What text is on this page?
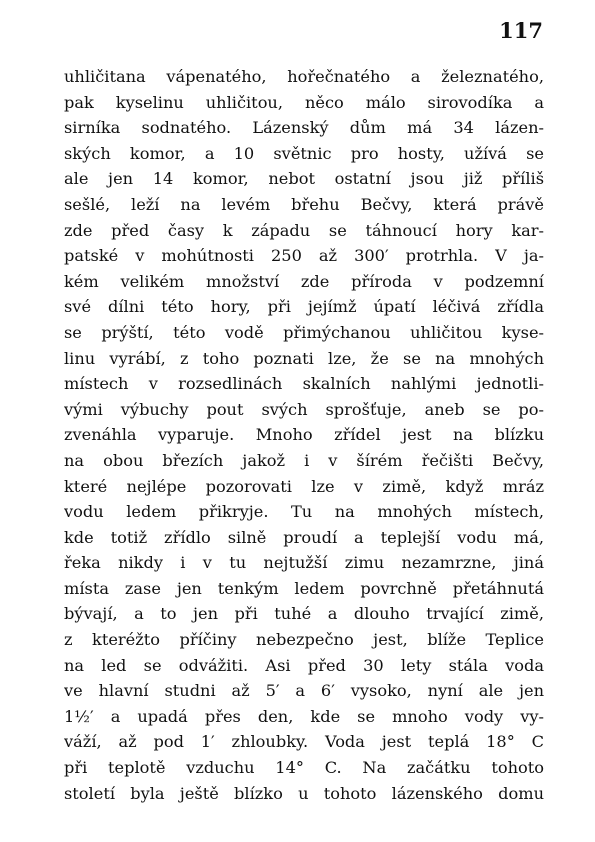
117
uhličitana vápenatého, hořečnatého a železnatého,
pak kyselinu uhličitou, něco málo sirovodíka a
sirníka sodnatého. Lázenský dům má 34 lázen-
ských komor, a 10 světnic pro hosty, užívá se
ale jen 14 komor, nebot ostatní jsou již příliš
sešlé, leží na levém břehu Bečvy, která právě
zde před časy k západu se táhnoucí hory kar-
patské v mohútnosti 250 až 300′ protrhla. V ja-
kém velikém množství zde příroda v podzemní
své dílni této hory, při jejímž úpatí léčivá zřídla
se prýští, této vodě přimýchanou uhličitou kyse-
linu vyrábí, z toho poznati lze, že se na mnohých
místech v rozsedlinách skalních nahlými jednotli-
vými výbuchy pout svých sprošťuje, aneb se po-
zvenáhla vyparuje. Mnoho zřídel jest na blízku
na obou březích jakož i v šírém řečišti Bečvy,
které nejlépe pozorovati lze v zimě, když mráz
vodu ledem přikryje. Tu na mnohých místech,
kde totiž zřídlo silně proudí a teplejší vodu má,
řeka nikdy i v tu nejtužší zimu nezamrzne, jiná
místa zase jen tenkým ledem povrchně přetáhnutá
bývají, a to jen při tuhé a dlouho trvající zimě,
z kteréžto příčiny nebezpečno jest, blíže Teplice
na led se odvážiti. Asi před 30 lety stála voda
ve hlavní studni až 5′ a 6′ vysoko, nyní ale jen
1½′ a upadá přes den, kde se mnoho vody vy-
váží, až pod 1′ zhloubky. Voda jest teplá 18° C
při teplotě vzduchu 14° C. Na začátku tohoto
století byla ještě blízko u tohoto lázenského domu
